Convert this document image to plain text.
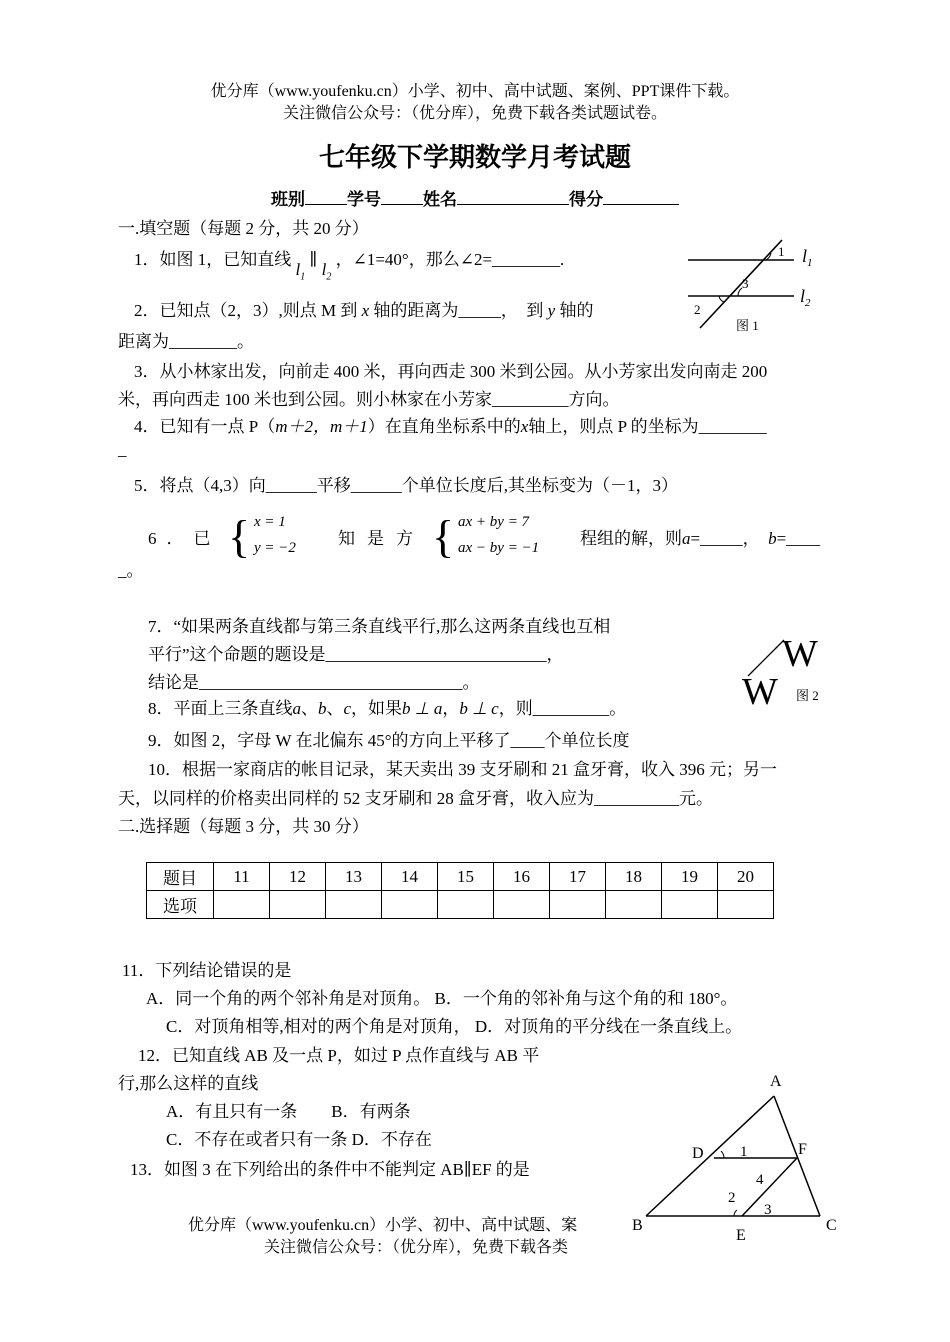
优分库（www.youfenku.cn）小学、初中、高中试题、案例、PPT课件下载。
关注微信公众号：（优分库），免费下载各类试题试卷。
七年级下学期数学月考试题
班别 学号 姓名	得分
一.填空题（每题 2 分，共 20 分）
1．如图 1，已知直线 $l_1$ ∥ $l_2$ ，∠1=40°，那么∠2=________.	1
3
2
$l_1$
$l_2$
图 1
2．已知点（2，3）,则点 M 到 x 轴的距离为_____，　到 y 轴的
距离为________。
3．从小林家出发，向前走 400 米，再向西走 300 米到公园。从小芳家出发向南走 200
米，再向西走 100 米也到公园。则小林家在小芳家_________方向。
4．已知有一点 P（m＋2，m＋1）在直角坐标系中的x轴上，则点 P 的坐标为________
_
5．将点（4,3）向______平移______个单位长度后,其坐标变为（－1，3）
6．已 { x = 1
y = −2 知是方 { ax + by = 7
ax − by = −1 程组的解，则a=_____，　 b=____
_。
7．“如果两条直线都与第三条直线平行,那么这两条直线也互相
平行”这个命题的题设是__________________________，
结论是_______________________________。
W
W 图 2
8．平面上三条直线a、b、c，如果b ⊥ a，b ⊥ c，则_________。
9．如图 2，字母 W 在北偏东 45°的方向上平移了____个单位长度
10．根据一家商店的帐目记录，某天卖出 39 支牙刷和 21 盒牙膏，收入 396 元；另一
天，以同样的价格卖出同样的 52 支牙刷和 28 盒牙膏，收入应为__________元。
二.选择题（每题 3 分，共 30 分）
题目	11	12	13	14	15	16	17	18	19	20
选项										
11．下列结论错误的是
A．同一个角的两个邻补角是对顶角。 B．一个角的邻补角与这个角的和 180°。
C．对顶角相等,相对的两个角是对顶角， D．对顶角的平分线在一条直线上。
12．已知直线 AB 及一点 P，如过 P 点作直线与 AB 平
行,那么这样的直线
A．有且只有一条　　B．有两条
C．不存在或者只有一条 D．不存在
13．如图 3 在下列给出的条件中不能判定 AB∥EF 的是
A
B	C
D
E
F
1
4
2
3
优分库（www.youfenku.cn）小学、初中、高中试题、案
关注微信公众号：（优分库），免费下载各类
